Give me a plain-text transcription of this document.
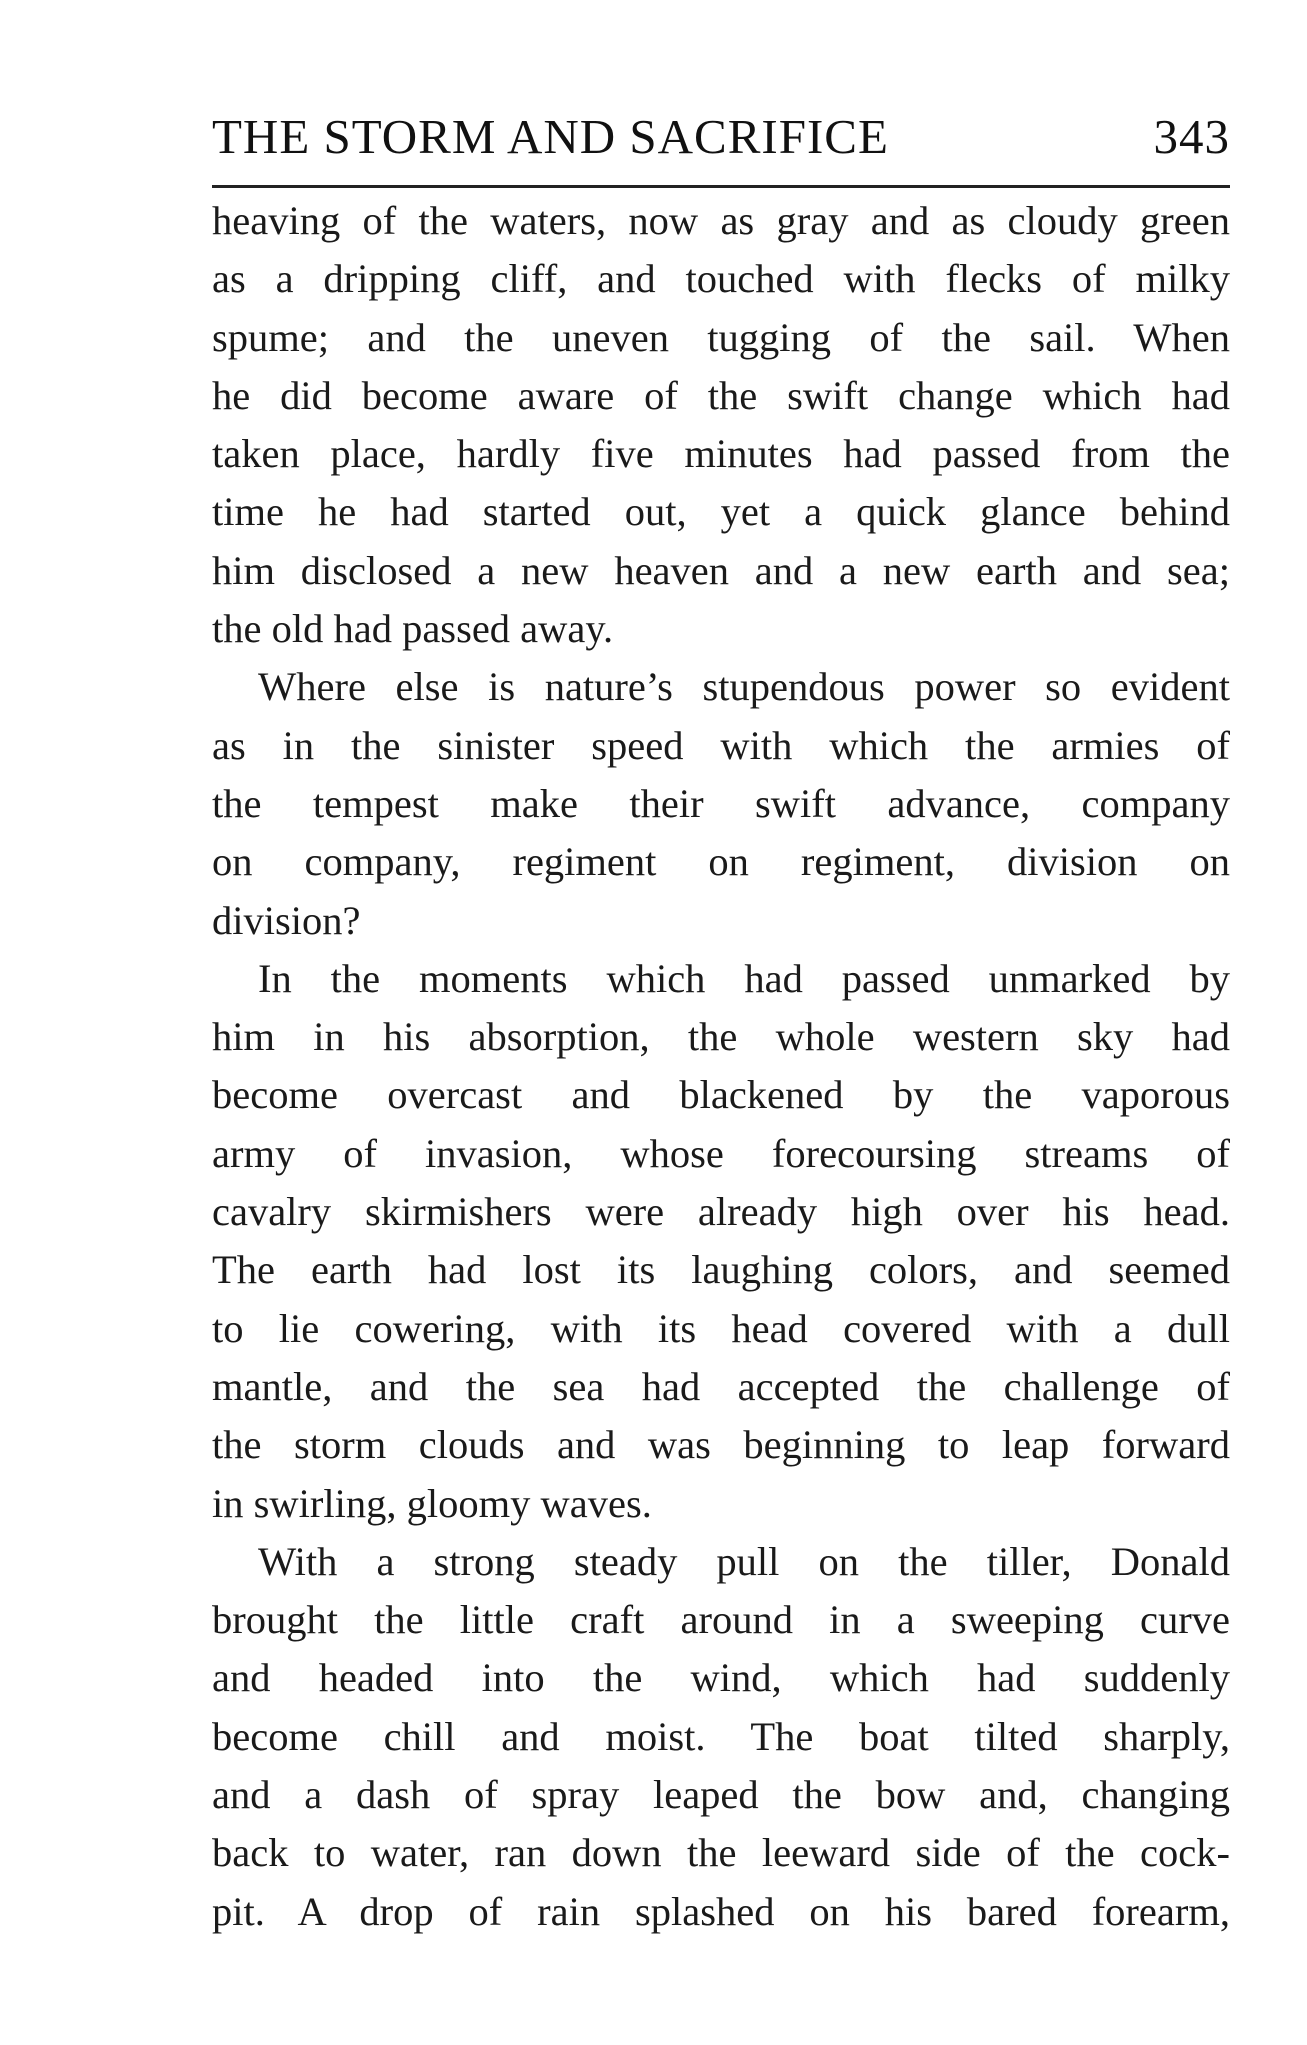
THE STORM AND SACRIFICE	343

heaving of the waters, now as gray and as cloudy green
as a dripping cliff, and touched with flecks of milky
spume; and the uneven tugging of the sail. When
he did become aware of the swift change which had
taken place, hardly five minutes had passed from the
time he had started out, yet a quick glance behind
him disclosed a new heaven and a new earth and sea;
the old had passed away.

Where else is nature’s stupendous power so evident
as in the sinister speed with which the armies of
the tempest make their swift advance, company
on company, regiment on regiment, division on
division?

In the moments which had passed unmarked by
him in his absorption, the whole western sky had
become overcast and blackened by the vaporous
army of invasion, whose forecoursing streams of
cavalry skirmishers were already high over his head.
The earth had lost its laughing colors, and seemed
to lie cowering, with its head covered with a dull
mantle, and the sea had accepted the challenge of
the storm clouds and was beginning to leap forward
in swirling, gloomy waves.

With a strong steady pull on the tiller, Donald
brought the little craft around in a sweeping curve
and headed into the wind, which had suddenly
become chill and moist. The boat tilted sharply,
and a dash of spray leaped the bow and, changing
back to water, ran down the leeward side of the cock-
pit. A drop of rain splashed on his bared forearm,
